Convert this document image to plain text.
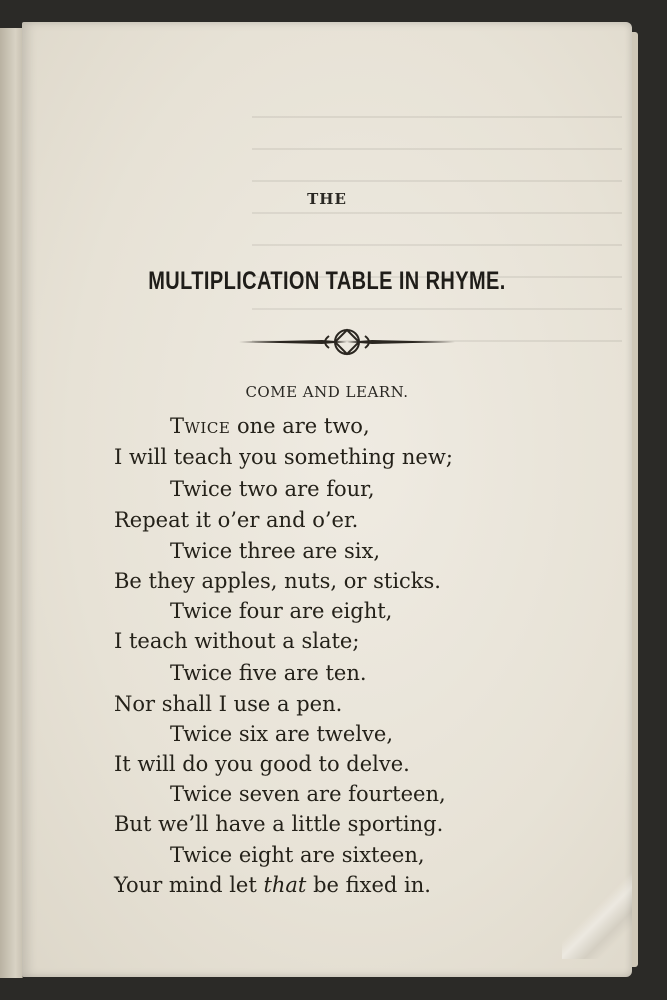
THE
MULTIPLICATION TABLE IN RHYME.
COME AND LEARN.
Twice one are two,
I will teach you something new;
Twice two are four,
Repeat it o’er and o’er.
Twice three are six,
Be they apples, nuts, or sticks.
Twice four are eight,
I teach without a slate;
Twice five are ten.
Nor shall I use a pen.
Twice six are twelve,
It will do you good to delve.
Twice seven are fourteen,
But we’ll have a little sporting.
Twice eight are sixteen,
Your mind let that be fixed in.
